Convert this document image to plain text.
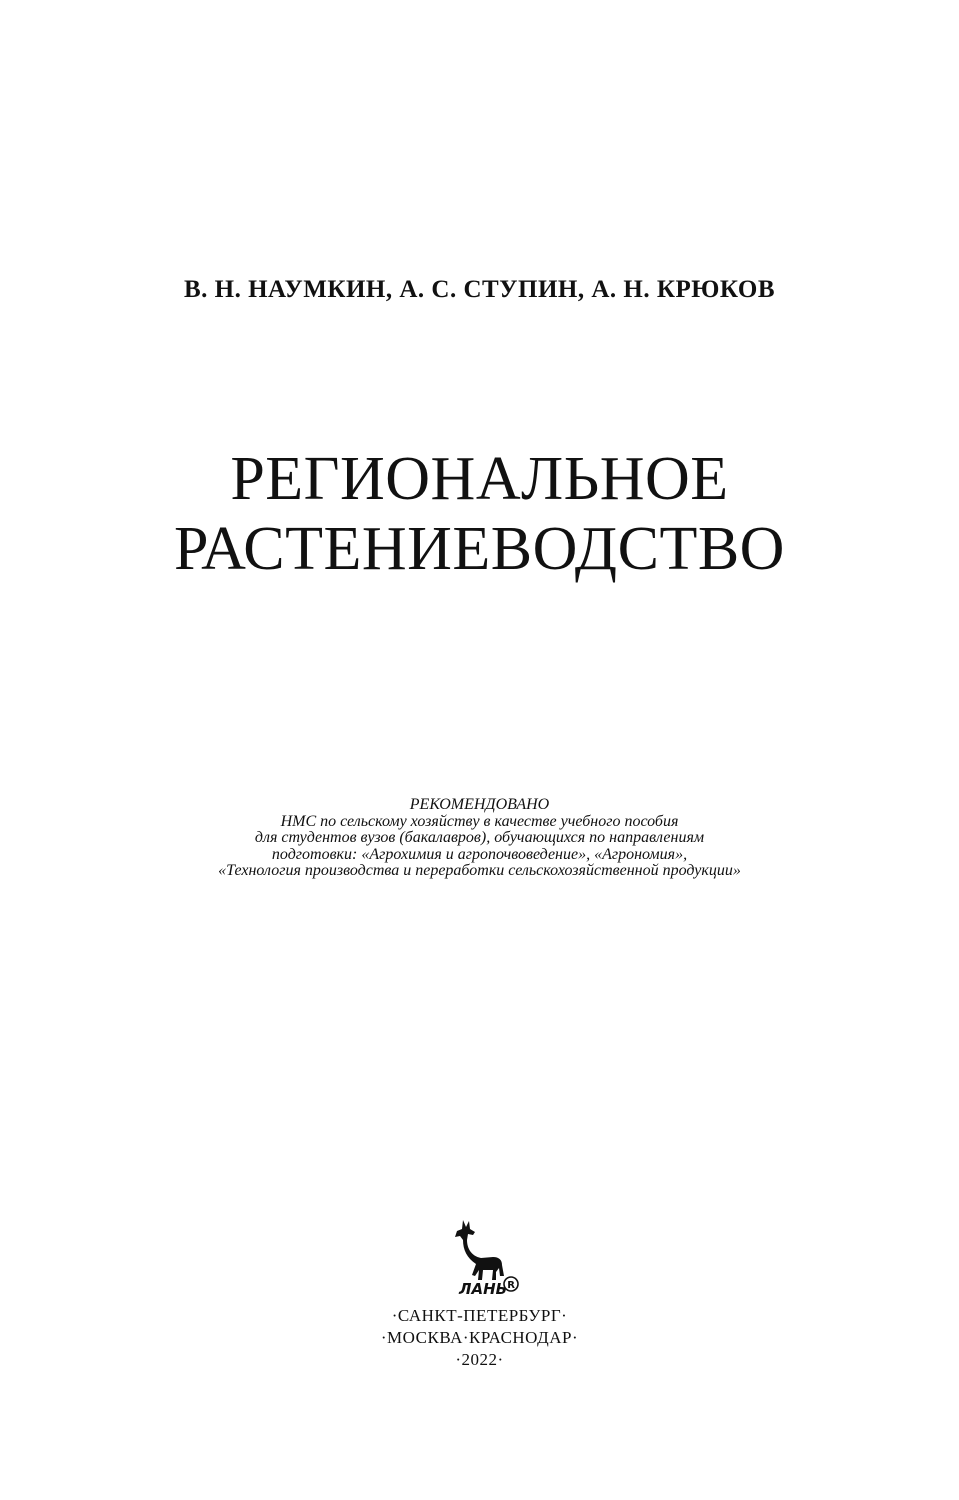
В. Н. НАУМКИН, А. С. СТУПИН, А. Н. КРЮКОВ
РЕГИОНАЛЬНОЕ
РАСТЕНИЕВОДСТВО
РЕКОМЕНДОВАНО
НМС по сельскому хозяйству в качестве учебного пособия
для студентов вузов (бакалавров), обучающихся по направлениям
подготовки: «Агрохимия и агропочвоведение», «Агрономия»,
«Технология производства и переработки сельскохозяйственной продукции»
ЛАНЬ R
·САНКТ-ПЕТЕРБУРГ·
·МОСКВА·КРАСНОДАР·
·2022·
